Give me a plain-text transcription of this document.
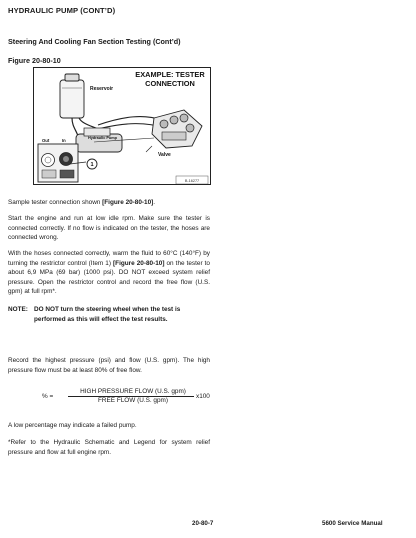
HYDRAULIC PUMP (CONT’D)
Steering And Cooling Fan Section Testing (Cont’d)
Figure 20-80-10
EXAMPLE: TESTER
CONNECTION
Reservoir
Hydraulic Pump
Out	In
Valve
1
B-16277
Sample tester connection shown [Figure 20-80-10].
Start the engine and run at low idle rpm. Make sure the tester is connected correctly. If no flow is indicated on the tester, the hoses are connected wrong.
With the hoses connected correctly, warm the fluid to 60°C (140°F) by turning the restrictor control (Item 1) [Figure 20-80-10] on the tester to about 6,9 MPa (69 bar) (1000 psi). DO NOT exceed system relief pressure. Open the restrictor control and record the free flow (U.S. gpm) at full rpm*.
NOTE: DO NOT turn the steering wheel when the test is performed as this will effect the test results.
Record the highest pressure (psi) and flow (U.S. gpm). The high pressure flow must be at least 80% of free flow.
% =
HIGH PRESSURE FLOW (U.S. gpm)
FREE FLOW (U.S. gpm)
x100
A low percentage may indicate a failed pump.
*Refer to the Hydraulic Schematic and Legend for system relief pressure and flow at full engine rpm.
20-80-7	5600 Service Manual
